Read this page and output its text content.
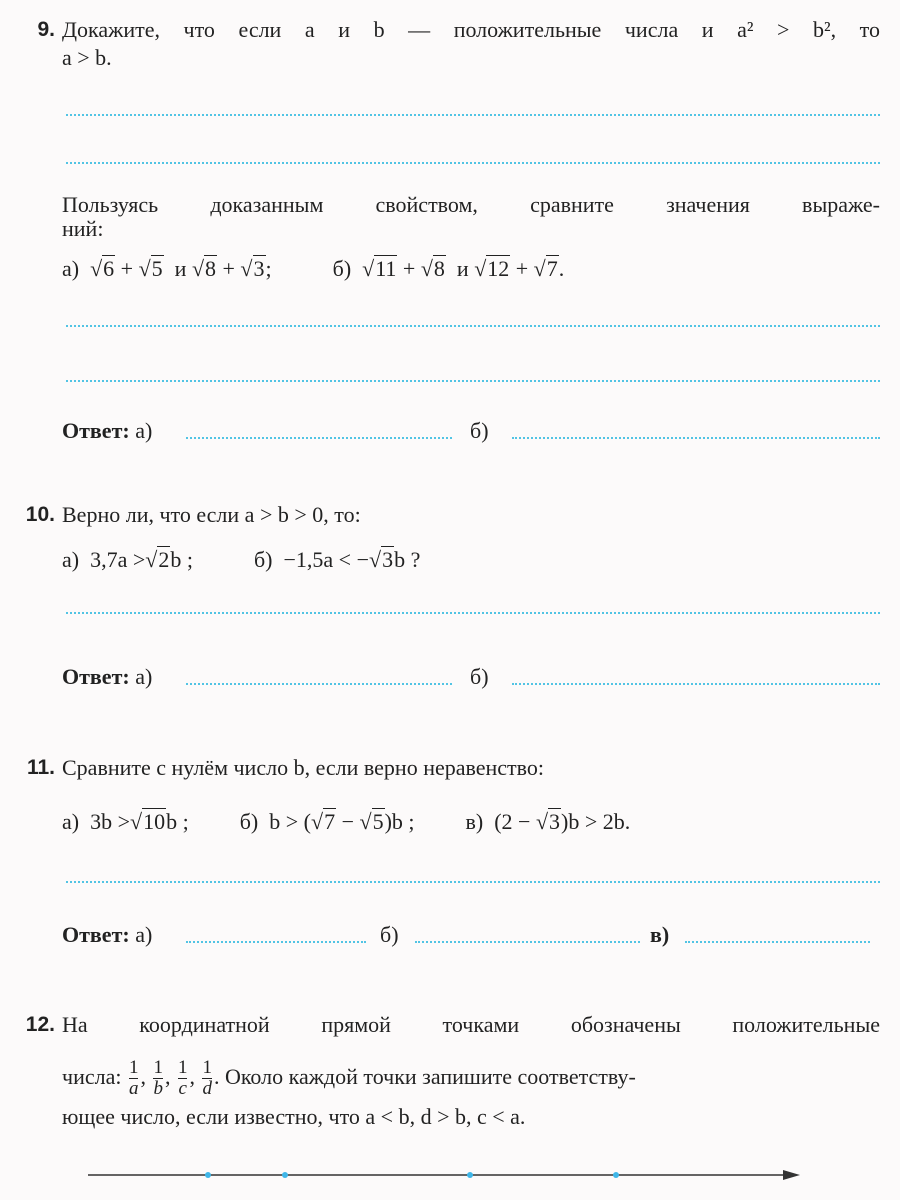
9. Докажите, что если a и b — положительные числа и a² > b², то
a > b.
Пользуясь доказанным свойством, сравните значения выраже-
ний:
а)  √6 + √5 и √8 + √3;	б)  √11 + √8 и √12 + √7.
Ответ: а)	б)
10. Верно ли, что если a > b > 0, то:
а) 3,7a >√2b ;	б) −1,5a < −√3b ?
Ответ: а)	б)
11. Сравните с нулём число b, если верно неравенство:
а) 3b >√10b ; б) b > (√7 − √5)b ; в) (2 − √3)b > 2b.
Ответ: а)	б)	в)
12. На координатной прямой точками обозначены положительные
числа: $\frac{1}{a}$ , $\frac{1}{b}$ , $\frac{1}{c}$ , $\frac{1}{d}$ . Около каждой точки запишите соответству-
ющее число, если известно, что a < b, d > b, c < a.
